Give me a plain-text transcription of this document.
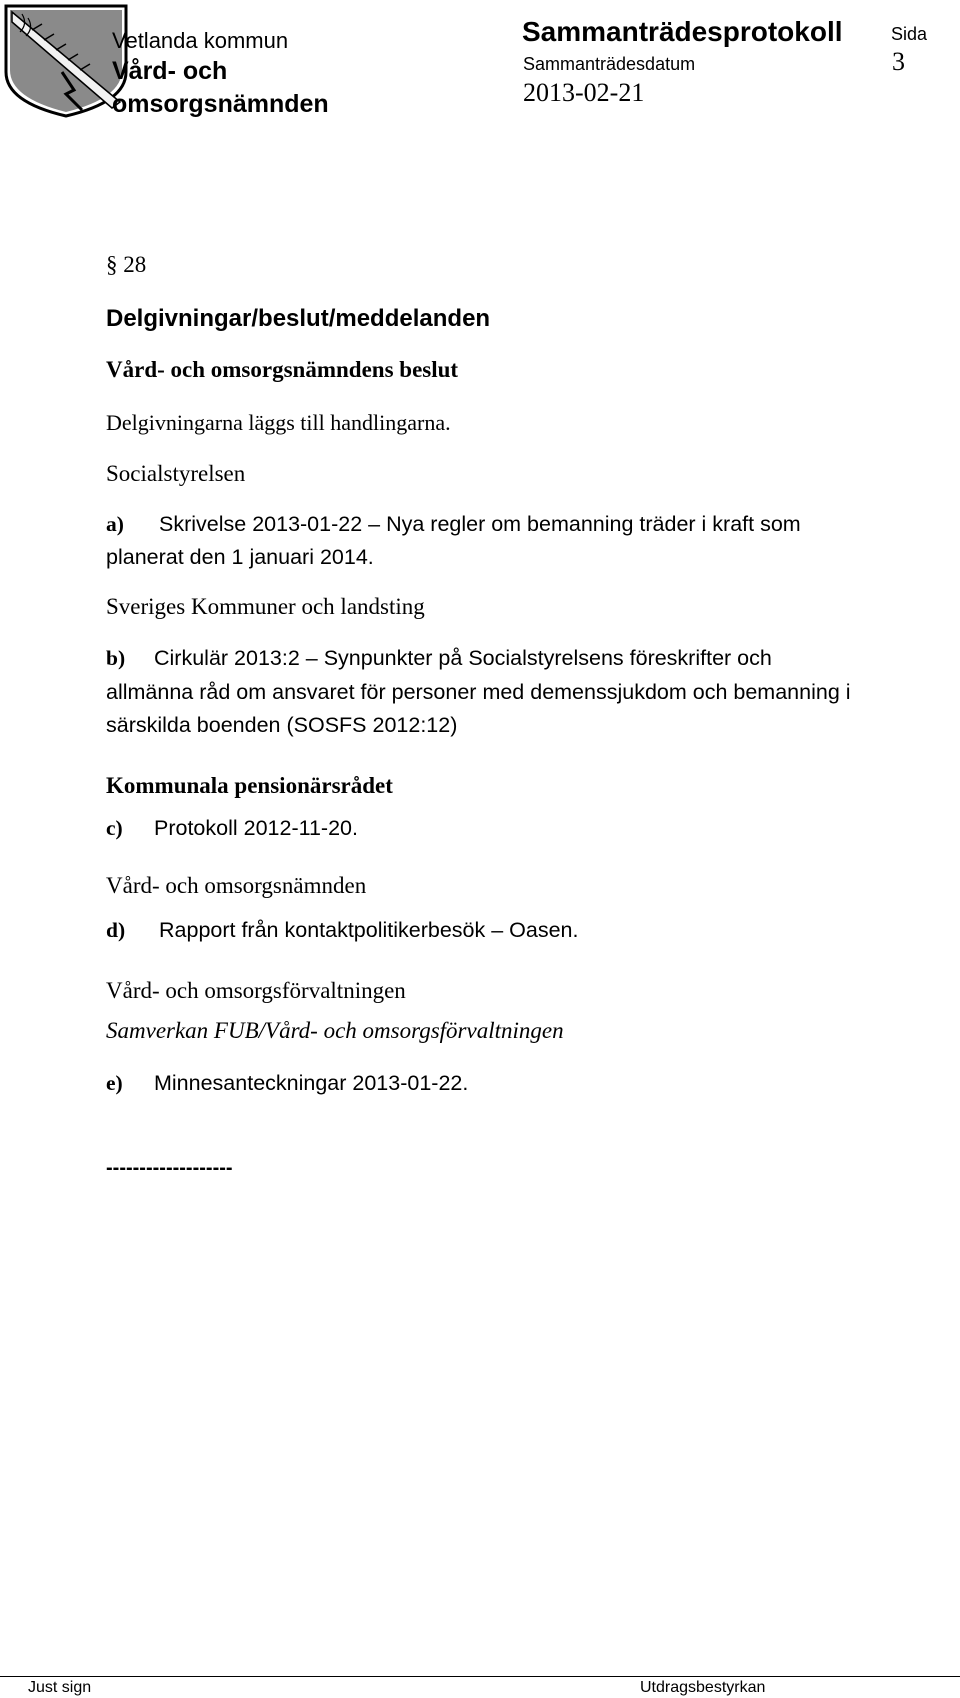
Vetlanda kommun
Vård- och
omsorgsnämnden
Sammanträdesprotokoll	Sida
3
Sammanträdesdatum
2013-02-21
§ 28
Delgivningar/beslut/meddelanden
Vård- och omsorgsnämndens beslut
Delgivningarna läggs till handlingarna.
Socialstyrelsen
a) Skrivelse 2013-01-22 – Nya regler om bemanning träder i kraft som
planerat den 1 januari 2014.
Sveriges Kommuner och landsting
b) Cirkulär 2013:2 – Synpunkter på Socialstyrelsens föreskrifter och
allmänna råd om ansvaret för personer med demenssjukdom och bemanning i
särskilda boenden (SOSFS 2012:12)
Kommunala pensionärsrådet
c) Protokoll 2012-11-20.
Vård- och omsorgsnämnden
d) Rapport från kontaktpolitikerbesök – Oasen.
Vård- och omsorgsförvaltningen
Samverkan FUB/Vård- och omsorgsförvaltningen
e) Minnesanteckningar 2013-01-22.
-------------------
Just sign	Utdragsbestyrkan
